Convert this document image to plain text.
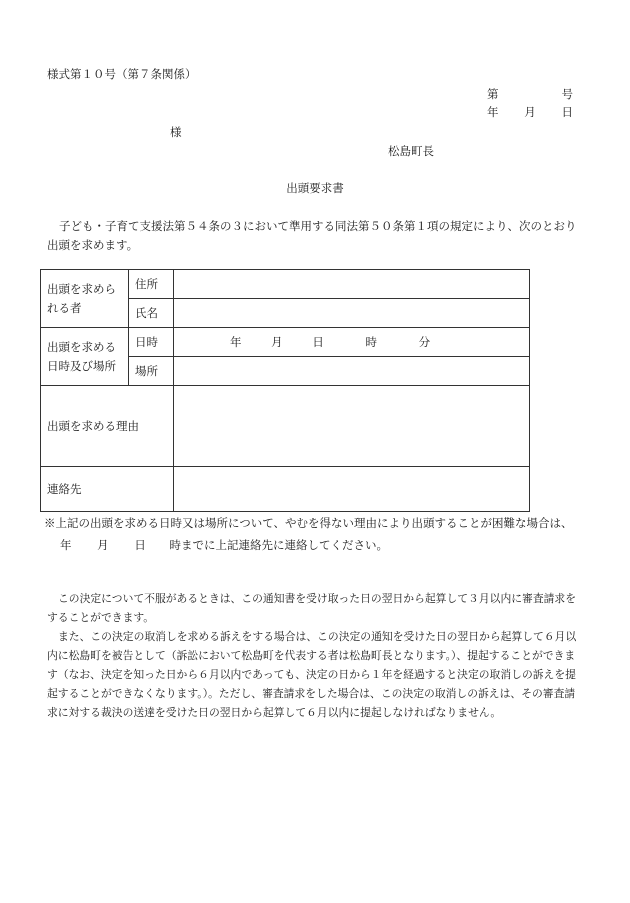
様式第１０号（第７条関係）
第	号
年 月 日
様
松島町長
出頭要求書
子ども・子育て支援法第５４条の３において準用する同法第５０条第１項の規定により、次のとおり出頭を求めます。
出頭を求められる者	住所	
	氏名	
出頭を求める日時及び場所	日時	年 月 日 時 分
	場所	
出頭を求める理由		
連絡先		
※上記の出頭を求める日時又は場所について、やむを得ない理由により出頭することが困難な場合は、
年 月 日 時までに上記連絡先に連絡してください。

この決定について不服があるときは、この通知書を受け取った日の翌日から起算して３月以内に審査請求をすることができます。

また、この決定の取消しを求める訴えをする場合は、この決定の通知を受けた日の翌日から起算して６月以内に松島町を被告として（訴訟において松島町を代表する者は松島町長となります。）、提起することができます（なお、決定を知った日から６月以内であっても、決定の日から１年を経過すると決定の取消しの訴えを提起することができなくなります。）。ただし、審査請求をした場合は、この決定の取消しの訴えは、その審査請求に対する裁決の送達を受けた日の翌日から起算して６月以内に提起しなければなりません。
